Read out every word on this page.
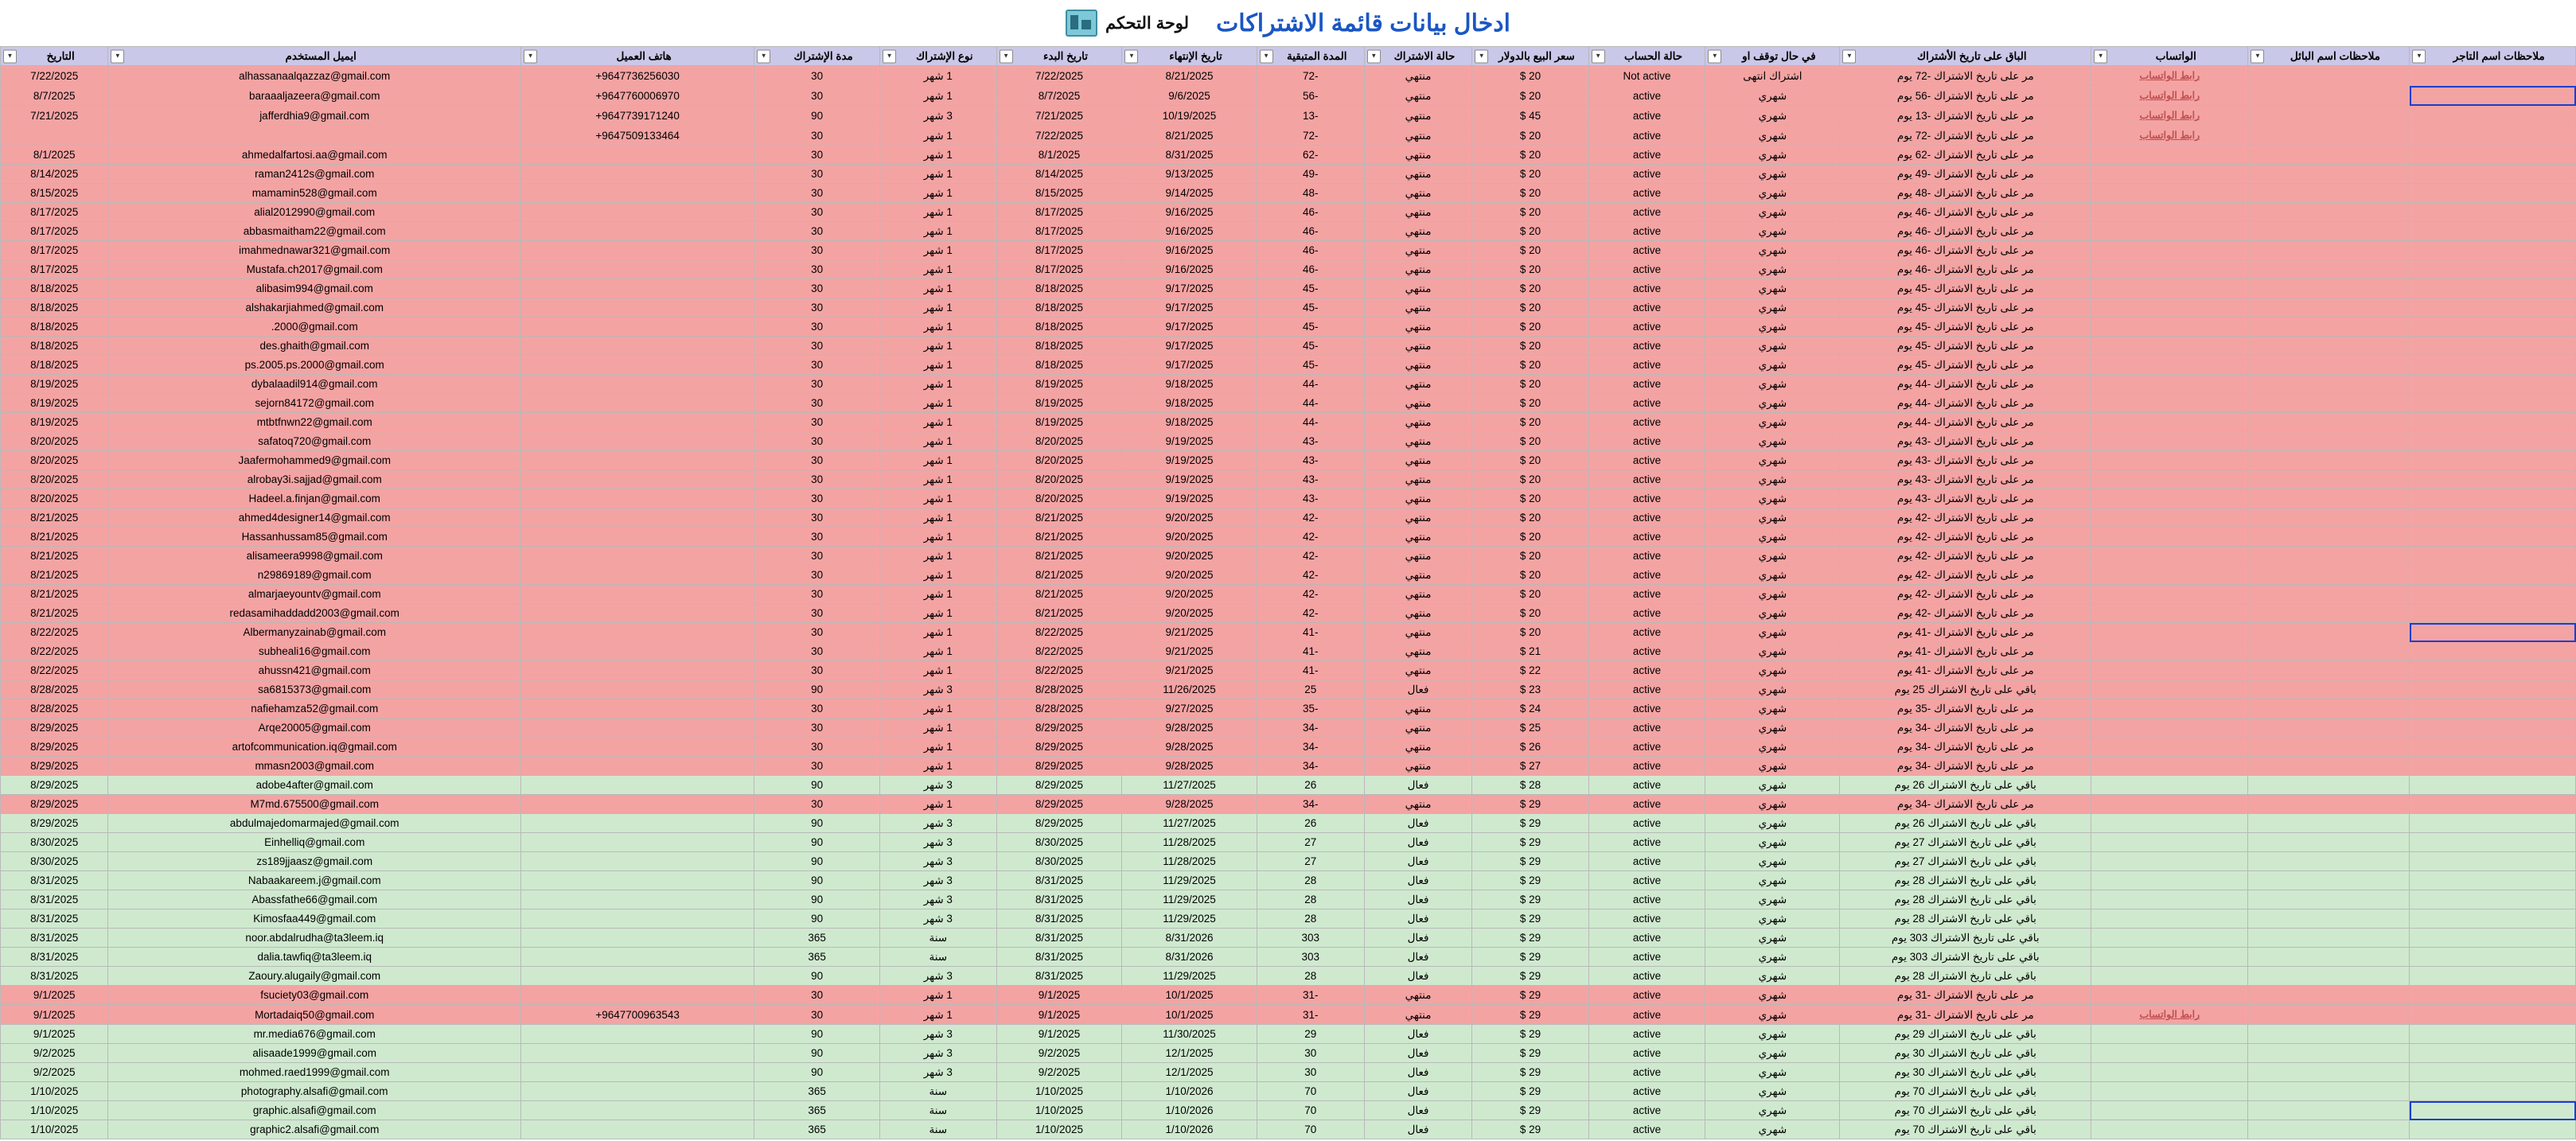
ادخال بيانات قائمة الاشتراكات
لوحة التحكم
▼ ملاحظات اسم التاجر	▼ ملاحظات اسم البائل	▼ الواتساب	▼ الباق على تاريخ الأشتراك	▼ في حال توقف او	▼ حالة الحساب	▼ سعر البيع بالدولار	▼ حالة الاشتراك	▼ المدة المتبقية	▼ تاريخ الإنتهاء	▼ تاريخ البدء	▼ نوع الإشتراك	▼ مدة الإشتراك	▼ هاتف العميل	▼ ايميل المستخدم	▼ التاريخ
		رابط الواتساب	مر على تاريخ الاشتراك -72 يوم	اشتراك انتهى	Not active	$ 20	منتهي	-72	8/21/2025	7/22/2025	1 شهر	30	+9647736256030	alhassanaalqazzaz@gmail.com	7/22/2025
		رابط الواتساب	مر على تاريخ الاشتراك -56 يوم	شهري	active	$ 20	منتهي	-56	9/6/2025	8/7/2025	1 شهر	30	+9647760006970	baraaaljazeera@gmail.com	8/7/2025
		رابط الواتساب	مر على تاريخ الاشتراك -13 يوم	شهري	active	$ 45	منتهي	-13	10/19/2025	7/21/2025	3 شهر	90	+9647739171240	jafferdhia9@gmail.com	7/21/2025
		رابط الواتساب	مر على تاريخ الاشتراك -72 يوم	شهري	active	$ 20	منتهي	-72	8/21/2025	7/22/2025	1 شهر	30	+9647509133464		
			مر على تاريخ الاشتراك -62 يوم	شهري	active	$ 20	منتهي	-62	8/31/2025	8/1/2025	1 شهر	30		ahmedalfartosi.aa@gmail.com	8/1/2025
			مر على تاريخ الاشتراك -49 يوم	شهري	active	$ 20	منتهي	-49	9/13/2025	8/14/2025	1 شهر	30		raman2412s@gmail.com	8/14/2025
			مر على تاريخ الاشتراك -48 يوم	شهري	active	$ 20	منتهي	-48	9/14/2025	8/15/2025	1 شهر	30		mamamin528@gmail.com	8/15/2025
			مر على تاريخ الاشتراك -46 يوم	شهري	active	$ 20	منتهي	-46	9/16/2025	8/17/2025	1 شهر	30		alial2012990@gmail.com	8/17/2025
			مر على تاريخ الاشتراك -46 يوم	شهري	active	$ 20	منتهي	-46	9/16/2025	8/17/2025	1 شهر	30		abbasmaitham22@gmail.com	8/17/2025
			مر على تاريخ الاشتراك -46 يوم	شهري	active	$ 20	منتهي	-46	9/16/2025	8/17/2025	1 شهر	30		imahmednawar321@gmail.com	8/17/2025
			مر على تاريخ الاشتراك -46 يوم	شهري	active	$ 20	منتهي	-46	9/16/2025	8/17/2025	1 شهر	30		Mustafa.ch2017@gmail.com	8/17/2025
			مر على تاريخ الاشتراك -45 يوم	شهري	active	$ 20	منتهي	-45	9/17/2025	8/18/2025	1 شهر	30		alibasim994@gmail.com	8/18/2025
			مر على تاريخ الاشتراك -45 يوم	شهري	active	$ 20	منتهي	-45	9/17/2025	8/18/2025	1 شهر	30		alshakarjiahmed@gmail.com	8/18/2025
			مر على تاريخ الاشتراك -45 يوم	شهري	active	$ 20	منتهي	-45	9/17/2025	8/18/2025	1 شهر	30		.2000@gmail.com	8/18/2025
			مر على تاريخ الاشتراك -45 يوم	شهري	active	$ 20	منتهي	-45	9/17/2025	8/18/2025	1 شهر	30		des.ghaith@gmail.com	8/18/2025
			مر على تاريخ الاشتراك -45 يوم	شهري	active	$ 20	منتهي	-45	9/17/2025	8/18/2025	1 شهر	30		ps.2005.ps.2000@gmail.com	8/18/2025
			مر على تاريخ الاشتراك -44 يوم	شهري	active	$ 20	منتهي	-44	9/18/2025	8/19/2025	1 شهر	30		dybalaadil914@gmail.com	8/19/2025
			مر على تاريخ الاشتراك -44 يوم	شهري	active	$ 20	منتهي	-44	9/18/2025	8/19/2025	1 شهر	30		sejorn84172@gmail.com	8/19/2025
			مر على تاريخ الاشتراك -44 يوم	شهري	active	$ 20	منتهي	-44	9/18/2025	8/19/2025	1 شهر	30		mtbtfnwn22@gmail.com	8/19/2025
			مر على تاريخ الاشتراك -43 يوم	شهري	active	$ 20	منتهي	-43	9/19/2025	8/20/2025	1 شهر	30		safatoq720@gmail.com	8/20/2025
			مر على تاريخ الاشتراك -43 يوم	شهري	active	$ 20	منتهي	-43	9/19/2025	8/20/2025	1 شهر	30		Jaafermohammed9@gmail.com	8/20/2025
			مر على تاريخ الاشتراك -43 يوم	شهري	active	$ 20	منتهي	-43	9/19/2025	8/20/2025	1 شهر	30		alrobay3i.sajjad@gmail.com	8/20/2025
			مر على تاريخ الاشتراك -43 يوم	شهري	active	$ 20	منتهي	-43	9/19/2025	8/20/2025	1 شهر	30		Hadeel.a.finjan@gmail.com	8/20/2025
			مر على تاريخ الاشتراك -42 يوم	شهري	active	$ 20	منتهي	-42	9/20/2025	8/21/2025	1 شهر	30		ahmed4designer14@gmail.com	8/21/2025
			مر على تاريخ الاشتراك -42 يوم	شهري	active	$ 20	منتهي	-42	9/20/2025	8/21/2025	1 شهر	30		Hassanhussam85@gmail.com	8/21/2025
			مر على تاريخ الاشتراك -42 يوم	شهري	active	$ 20	منتهي	-42	9/20/2025	8/21/2025	1 شهر	30		alisameera9998@gmail.com	8/21/2025
			مر على تاريخ الاشتراك -42 يوم	شهري	active	$ 20	منتهي	-42	9/20/2025	8/21/2025	1 شهر	30		n29869189@gmail.com	8/21/2025
			مر على تاريخ الاشتراك -42 يوم	شهري	active	$ 20	منتهي	-42	9/20/2025	8/21/2025	1 شهر	30		almarjaeyountv@gmail.com	8/21/2025
			مر على تاريخ الاشتراك -42 يوم	شهري	active	$ 20	منتهي	-42	9/20/2025	8/21/2025	1 شهر	30		redasamihaddadd2003@gmail.com	8/21/2025
			مر على تاريخ الاشتراك -41 يوم	شهري	active	$ 20	منتهي	-41	9/21/2025	8/22/2025	1 شهر	30		Albermanyzainab@gmail.com	8/22/2025
			مر على تاريخ الاشتراك -41 يوم	شهري	active	$ 21	منتهي	-41	9/21/2025	8/22/2025	1 شهر	30		subheali16@gmail.com	8/22/2025
			مر على تاريخ الاشتراك -41 يوم	شهري	active	$ 22	منتهي	-41	9/21/2025	8/22/2025	1 شهر	30		ahussn421@gmail.com	8/22/2025
			باقي على تاريخ الاشتراك 25 يوم	شهري	active	$ 23	فعال	25	11/26/2025	8/28/2025	3 شهر	90		sa6815373@gmail.com	8/28/2025
			مر على تاريخ الاشتراك -35 يوم	شهري	active	$ 24	منتهي	-35	9/27/2025	8/28/2025	1 شهر	30		nafiehamza52@gmail.com	8/28/2025
			مر على تاريخ الاشتراك -34 يوم	شهري	active	$ 25	منتهي	-34	9/28/2025	8/29/2025	1 شهر	30		Arqe20005@gmail.com	8/29/2025
			مر على تاريخ الاشتراك -34 يوم	شهري	active	$ 26	منتهي	-34	9/28/2025	8/29/2025	1 شهر	30		artofcommunication.iq@gmail.com	8/29/2025
			مر على تاريخ الاشتراك -34 يوم	شهري	active	$ 27	منتهي	-34	9/28/2025	8/29/2025	1 شهر	30		mmasn2003@gmail.com	8/29/2025
			باقي على تاريخ الاشتراك 26 يوم	شهري	active	$ 28	فعال	26	11/27/2025	8/29/2025	3 شهر	90		adobe4after@gmail.com	8/29/2025
			مر على تاريخ الاشتراك -34 يوم	شهري	active	$ 29	منتهي	-34	9/28/2025	8/29/2025	1 شهر	30		M7md.675500@gmail.com	8/29/2025
			باقي على تاريخ الاشتراك 26 يوم	شهري	active	$ 29	فعال	26	11/27/2025	8/29/2025	3 شهر	90		abdulmajedomarmajed@gmail.com	8/29/2025
			باقي على تاريخ الاشتراك 27 يوم	شهري	active	$ 29	فعال	27	11/28/2025	8/30/2025	3 شهر	90		Einhelliq@gmail.com	8/30/2025
			باقي على تاريخ الاشتراك 27 يوم	شهري	active	$ 29	فعال	27	11/28/2025	8/30/2025	3 شهر	90		zs189jjaasz@gmail.com	8/30/2025
			باقي على تاريخ الاشتراك 28 يوم	شهري	active	$ 29	فعال	28	11/29/2025	8/31/2025	3 شهر	90		Nabaakareem.j@gmail.com	8/31/2025
			باقي على تاريخ الاشتراك 28 يوم	شهري	active	$ 29	فعال	28	11/29/2025	8/31/2025	3 شهر	90		Abassfathe66@gmail.com	8/31/2025
			باقي على تاريخ الاشتراك 28 يوم	شهري	active	$ 29	فعال	28	11/29/2025	8/31/2025	3 شهر	90		Kimosfaa449@gmail.com	8/31/2025
			باقي على تاريخ الاشتراك 303 يوم	شهري	active	$ 29	فعال	303	8/31/2026	8/31/2025	سنة	365		noor.abdalrudha@ta3leem.iq	8/31/2025
			باقي على تاريخ الاشتراك 303 يوم	شهري	active	$ 29	فعال	303	8/31/2026	8/31/2025	سنة	365		dalia.tawfiq@ta3leem.iq	8/31/2025
			باقي على تاريخ الاشتراك 28 يوم	شهري	active	$ 29	فعال	28	11/29/2025	8/31/2025	3 شهر	90		Zaoury.alugaily@gmail.com	8/31/2025
			مر على تاريخ الاشتراك -31 يوم	شهري	active	$ 29	منتهي	-31	10/1/2025	9/1/2025	1 شهر	30		fsuciety03@gmail.com	9/1/2025
		رابط الواتساب	مر على تاريخ الاشتراك -31 يوم	شهري	active	$ 29	منتهي	-31	10/1/2025	9/1/2025	1 شهر	30	+9647700963543	Mortadaiq50@gmail.com	9/1/2025
			باقي على تاريخ الاشتراك 29 يوم	شهري	active	$ 29	فعال	29	11/30/2025	9/1/2025	3 شهر	90		mr.media676@gmail.com	9/1/2025
			باقي على تاريخ الاشتراك 30 يوم	شهري	active	$ 29	فعال	30	12/1/2025	9/2/2025	3 شهر	90		alisaade1999@gmail.com	9/2/2025
			باقي على تاريخ الاشتراك 30 يوم	شهري	active	$ 29	فعال	30	12/1/2025	9/2/2025	3 شهر	90		mohmed.raed1999@gmail.com	9/2/2025
			باقي على تاريخ الاشتراك 70 يوم	شهري	active	$ 29	فعال	70	1/10/2026	1/10/2025	سنة	365		photography.alsafi@gmail.com	1/10/2025
			باقي على تاريخ الاشتراك 70 يوم	شهري	active	$ 29	فعال	70	1/10/2026	1/10/2025	سنة	365		graphic.alsafi@gmail.com	1/10/2025
			باقي على تاريخ الاشتراك 70 يوم	شهري	active	$ 29	فعال	70	1/10/2026	1/10/2025	سنة	365		graphic2.alsafi@gmail.com	1/10/2025
